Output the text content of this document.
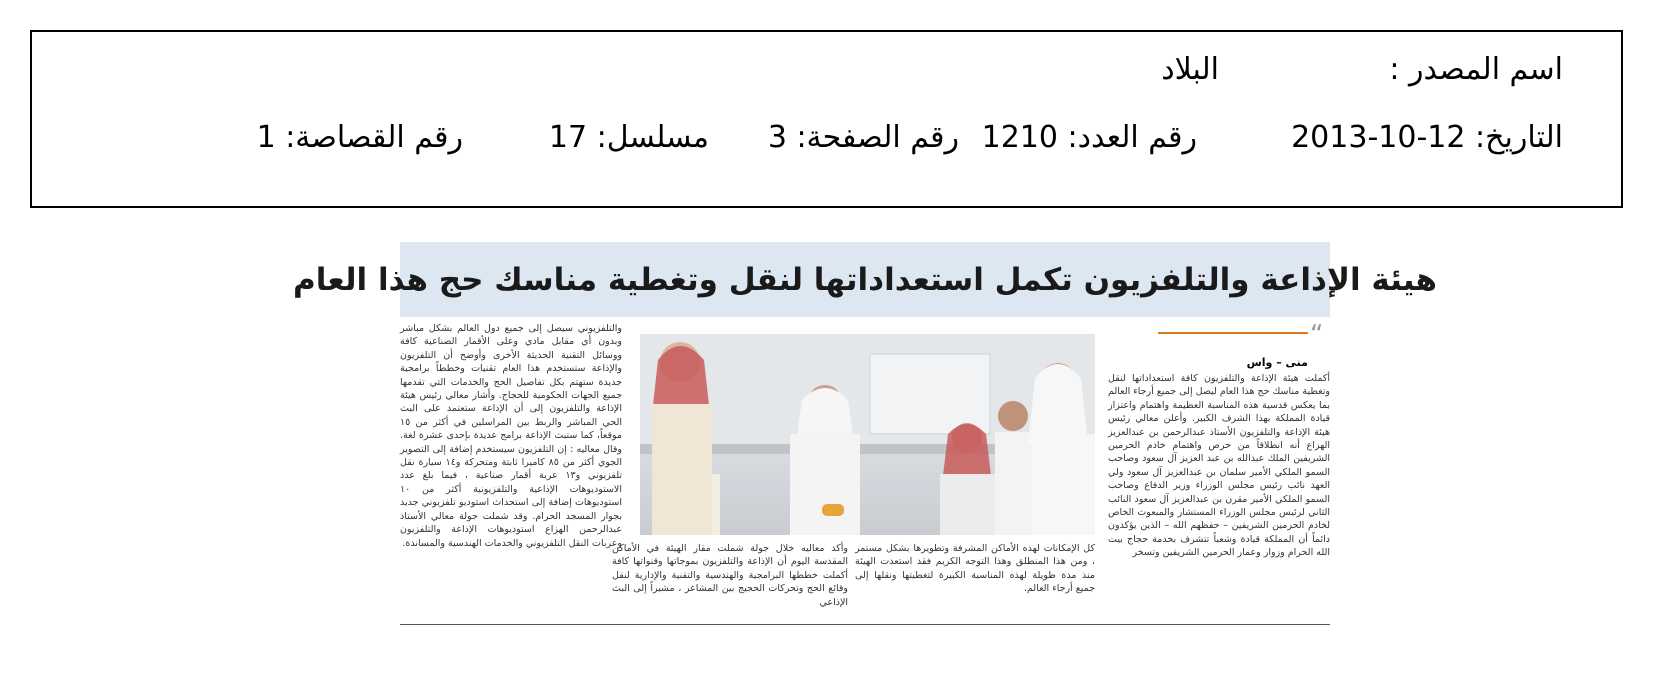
اسم المصدر :
البلاد
التاريخ: 12-10-2013
رقم العدد: 1210
رقم الصفحة: 3
مسلسل: 17
رقم القصاصة: 1
هيئة الإذاعة والتلفزيون تكمل استعداداتها لنقل وتغطية مناسك حج هذا العام
“
منى – واس
أكملت هيئة الإذاعة والتلفزيون كافة استعداداتها لنقل وتغطية مناسك حج هذا العام ليصل إلى جميع أرجاء العالم بما يعكس قدسية هذه المناسبة العظيمة واهتمام واعتزاز قيادة المملكة بهذا الشرف الكبير. وأعلن معالي رئيس هيئة الإذاعة والتلفزيون الأستاذ عبدالرحمن بن عبدالعزيز الهزاع أنه انطلاقاً من حرص واهتمام خادم الحرمين الشريفين الملك عبدالله بن عبد العزيز آل سعود وصاحب السمو الملكي الأمير سلمان بن عبدالعزيز آل سعود ولي العهد نائب رئيس مجلس الوزراء وزير الدفاع وصاحب السمو الملكي الأمير مقرن بن عبدالعزيز آل سعود النائب الثاني لرئيس مجلس الوزراء المستشار والمبعوث الخاص لخادم الحرمين الشريفين – حفظهم الله – الذين يؤكدون دائماً أن المملكة قيادة وشعباً تتشرف بخدمة حجاج بيت الله الحرام وزوار وعمار الحرمين الشريفين وتسخر
كل الإمكانات لهذه الأماكن المشرفة وتطويرها بشكل مستمر ، ومن هذا المنطلق وهذا التوجه الكريم فقد استعدت الهيئة منذ مدة طويلة لهذه المناسبة الكبيرة لتغطيتها ونقلها إلى جميع أرجاء العالم.
وأكد معاليه خلال جولة شملت مقار الهيئة في الأماكن المقدسة اليوم أن الإذاعة والتلفزيون بموجاتها وقنواتها كافة أكملت خططها البرامجية والهندسية والتقنية والإدارية لنقل وقائع الحج وتحركات الحجيج بين المشاعر ، مشيراً إلى البث الإذاعي
والتلفزيوني سيصل إلى جميع دول العالم بشكل مباشر وبدون أي مقابل مادي وعلى الأقمار الصناعية كافة ووسائل التقنية الحديثة الأخرى وأوضح أن التلفزيون والإذاعة ستستخدم هذا العام تقنيات وخططاً برامجية جديدة ستهتم بكل تفاصيل الحج والخدمات التي تقدمها جميع الجهات الحكومية للحجاج. وأشار معالي رئيس هيئة الإذاعة والتلفزيون إلى أن الإذاعة ستعتمد على البث الحي المباشر والربط بين المراسلين في أكثر من ١٥ موقعاً، كما ستبث الإذاعة برامج عديدة بإحدى عشرة لغة. وقال معاليه : إن التلفزيون سيستخدم إضافة إلى التصوير الجوي أكثر من ٨٥ كاميرا ثابتة ومتحركة و١٤ سيارة نقل تلفزيوني و١٣ عربة أقمار صناعية ، فيما بلغ عدد الاستوديوهات الإذاعية والتلفزيونية أكثر من ١٠ استوديوهات إضافة إلى استحداث استوديو تلفزيوني جديد بجوار المسجد الحرام. وقد شملت جولة معالي الأستاذ عبدالرحمن الهزاع استوديوهات الإذاعة والتلفزيون وعربات النقل التلفزيوني والخدمات الهندسية والمساندة.
